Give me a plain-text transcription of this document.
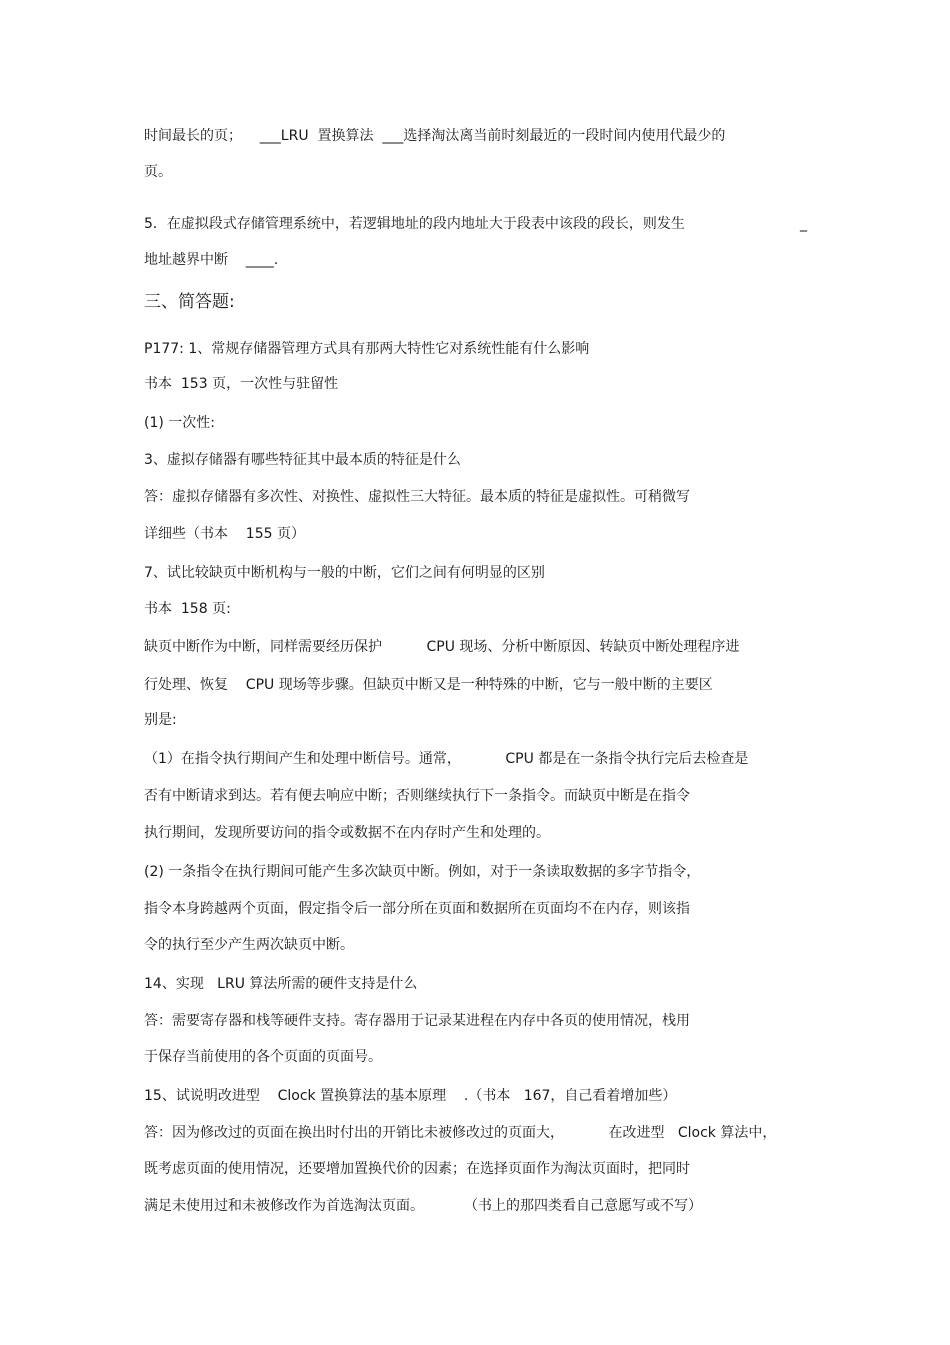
时间最长的页；    ___LRU  置换算法  ___选择淘汰离当前时刻最近的一段时间内使用代最少的
页。
5．在虚拟段式存储管理系统中，若逻辑地址的段内地址大于段表中该段的段长，则发生	_
地址越界中断    ____.
三、简答题:
P177: 1、常规存储器管理方式具有那两大特性它对系统性能有什么影响
书本  153 页，一次性与驻留性
(1) 一次性:
3、虚拟存储器有哪些特征其中最本质的特征是什么
答：虚拟存储器有多次性、对换性、虚拟性三大特征。最本质的特征是虚拟性。可稍微写
详细些（书本    155 页）
7、试比较缺页中断机构与一般的中断，它们之间有何明显的区别
书本  158 页:
缺页中断作为中断，同样需要经历保护          CPU 现场、分析中断原因、转缺页中断处理程序进
行处理、恢复    CPU 现场等步骤。但缺页中断又是一种特殊的中断，它与一般中断的主要区
别是:
（1）在指令执行期间产生和处理中断信号。通常，          CPU 都是在一条指令执行完后去检查是
否有中断请求到达。若有便去响应中断；否则继续执行下一条指令。而缺页中断是在指令
执行期间，发现所要访问的指令或数据不在内存时产生和处理的。
(2) 一条指令在执行期间可能产生多次缺页中断。例如，对于一条读取数据的多字节指令，
指令本身跨越两个页面，假定指令后一部分所在页面和数据所在页面均不在内存，则该指
令的执行至少产生两次缺页中断。
14、实现   LRU 算法所需的硬件支持是什么
答：需要寄存器和栈等硬件支持。寄存器用于记录某进程在内存中各页的使用情况，栈用
于保存当前使用的各个页面的页面号。
15、试说明改进型    Clock 置换算法的基本原理    .（书本   167，自己看着增加些）
答：因为修改过的页面在换出时付出的开销比未被修改过的页面大，          在改进型   Clock 算法中，
既考虑页面的使用情况，还要增加置换代价的因素；在选择页面作为淘汰页面时，把同时
满足未使用过和未被修改作为首选淘汰页面。         （书上的那四类看自己意愿写或不写）
